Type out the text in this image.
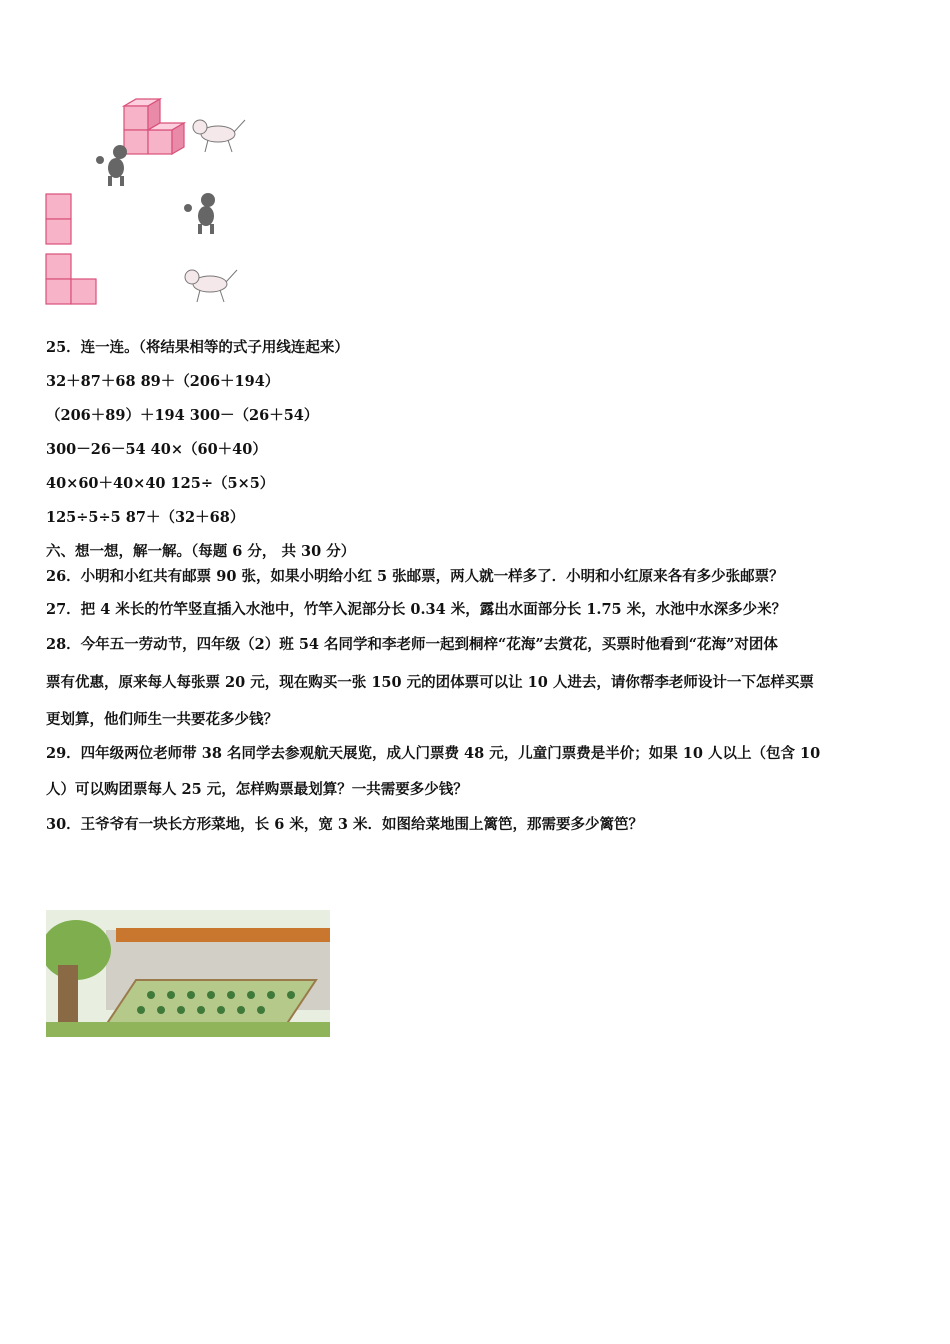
25．连一连。（将结果相等的式子用线连起来）
32＋87＋68 89＋（206＋194）
（206＋89）＋194 300－（26＋54）
300－26－54 40×（60＋40）
40×60＋40×40 125÷（5×5）
125÷5÷5 87＋（32＋68）
六、想一想，解一解。（每题 6 分， 共 30 分）
26．小明和小红共有邮票 90 张，如果小明给小红 5 张邮票，两人就一样多了．小明和小红原来各有多少张邮票？
27．把 4 米长的竹竿竖直插入水池中，竹竿入泥部分长 0.34 米，露出水面部分长 1.75 米，水池中水深多少米？
28．今年五一劳动节，四年级（2）班 54 名同学和李老师一起到桐梓“花海”去赏花，买票时他看到“花海”对团体
票有优惠，原来每人每张票 20 元，现在购买一张 150 元的团体票可以让 10 人进去，请你帮李老师设计一下怎样买票
更划算，他们师生一共要花多少钱？
29．四年级两位老师带 38 名同学去参观航天展览，成人门票费 48 元，儿童门票费是半价；如果 10 人以上（包含 10
人）可以购团票每人 25 元，怎样购票最划算？一共需要多少钱？
30．王爷爷有一块长方形菜地，长 6 米，宽 3 米．如图给菜地围上篱笆，那需要多少篱笆？
